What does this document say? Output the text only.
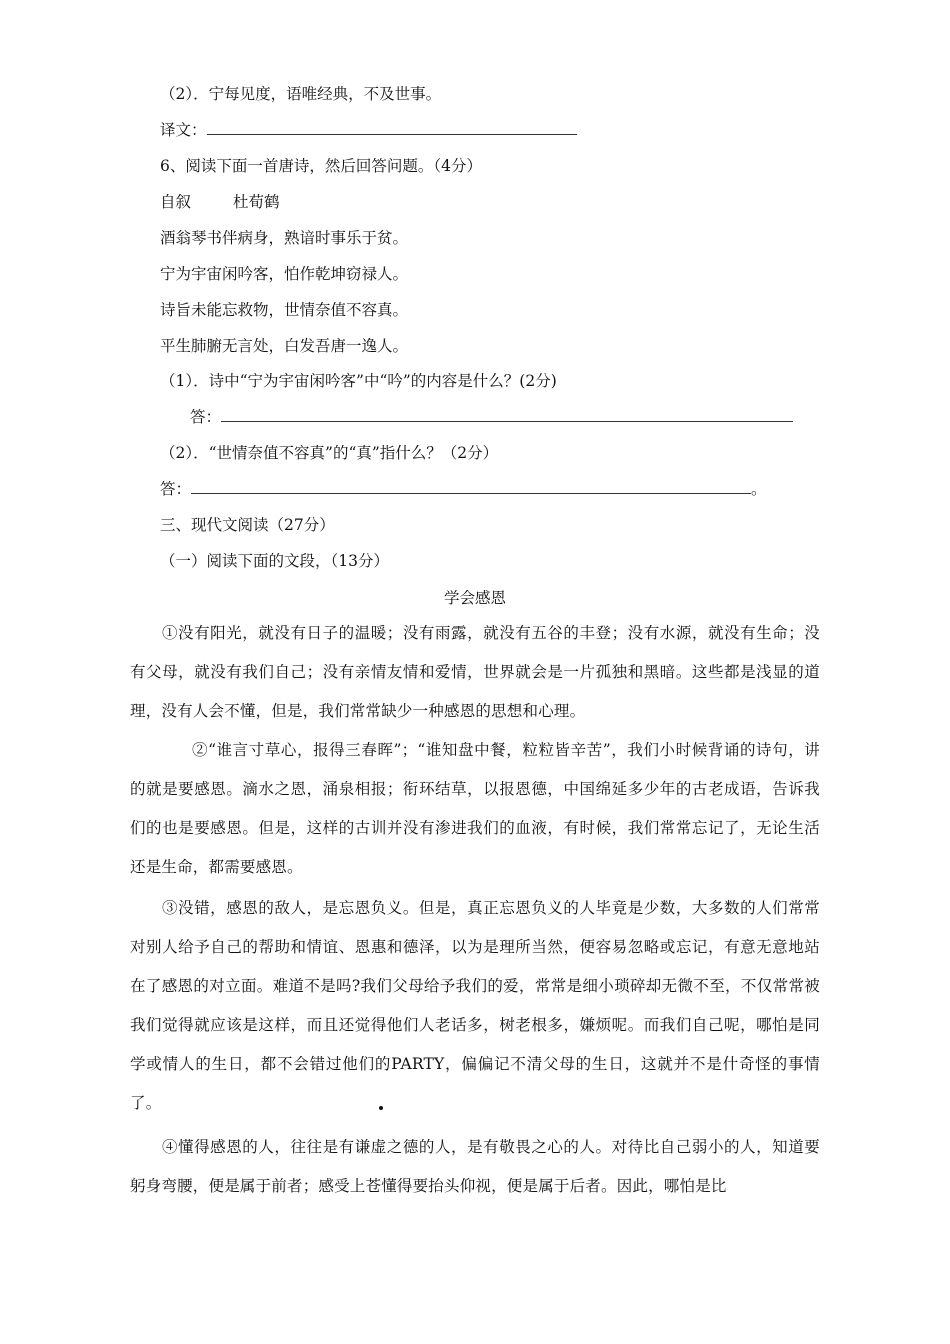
（2）．宁每见度，语唯经典，不及世事。
译文：
6、阅读下面一首唐诗，然后回答问题。（4分）
自叙	杜荀鹤
酒翁琴书伴病身，熟谙时事乐于贫。
宁为宇宙闲吟客，怕作乾坤窃禄人。
诗旨未能忘救物，世情奈值不容真。
平生肺腑无言处，白发吾唐一逸人。
（1）．诗中“宁为宇宙闲吟客”中“吟”的内容是什么？(2分)
答：
（2）．“世情奈值不容真”的“真”指什么？（2分）
答：	。
三、现代文阅读（27分）
（一）阅读下面的文段，（13分）
学会感恩
①没有阳光，就没有日子的温暖；没有雨露，就没有五谷的丰登；没有水源，就没有生命；没有父母，就没有我们自己；没有亲情友情和爱情，世界就会是一片孤独和黑暗。这些都是浅显的道理，没有人会不懂，但是，我们常常缺少一种感恩的思想和心理。
②“谁言寸草心，报得三春晖”；“谁知盘中餐，粒粒皆辛苦”，我们小时候背诵的诗句，讲的就是要感恩。滴水之恩，涌泉相报；衔环结草，以报恩德，中国绵延多少年的古老成语，告诉我们的也是要感恩。但是，这样的古训并没有渗进我们的血液，有时候，我们常常忘记了，无论生活还是生命，都需要感恩。
③没错，感恩的敌人，是忘恩负义。但是，真正忘恩负义的人毕竟是少数，大多数的人们常常对别人给予自己的帮助和情谊、恩惠和德泽，以为是理所当然，便容易忽略或忘记，有意无意地站在了感恩的对立面。难道不是吗?我们父母给予我们的爱，常常是细小琐碎却无微不至，不仅常常被我们觉得就应该是这样，而且还觉得他们人老话多，树老根多，嫌烦呢。而我们自己呢，哪怕是同学或情人的生日，都不会错过他们的PARTY，偏偏记不清父母的生日，这就并不是什奇怪的事情了。
④懂得感恩的人，往往是有谦虚之德的人，是有敬畏之心的人。对待比自己弱小的人，知道要躬身弯腰，便是属于前者；感受上苍懂得要抬头仰视，便是属于后者。因此，哪怕是比
